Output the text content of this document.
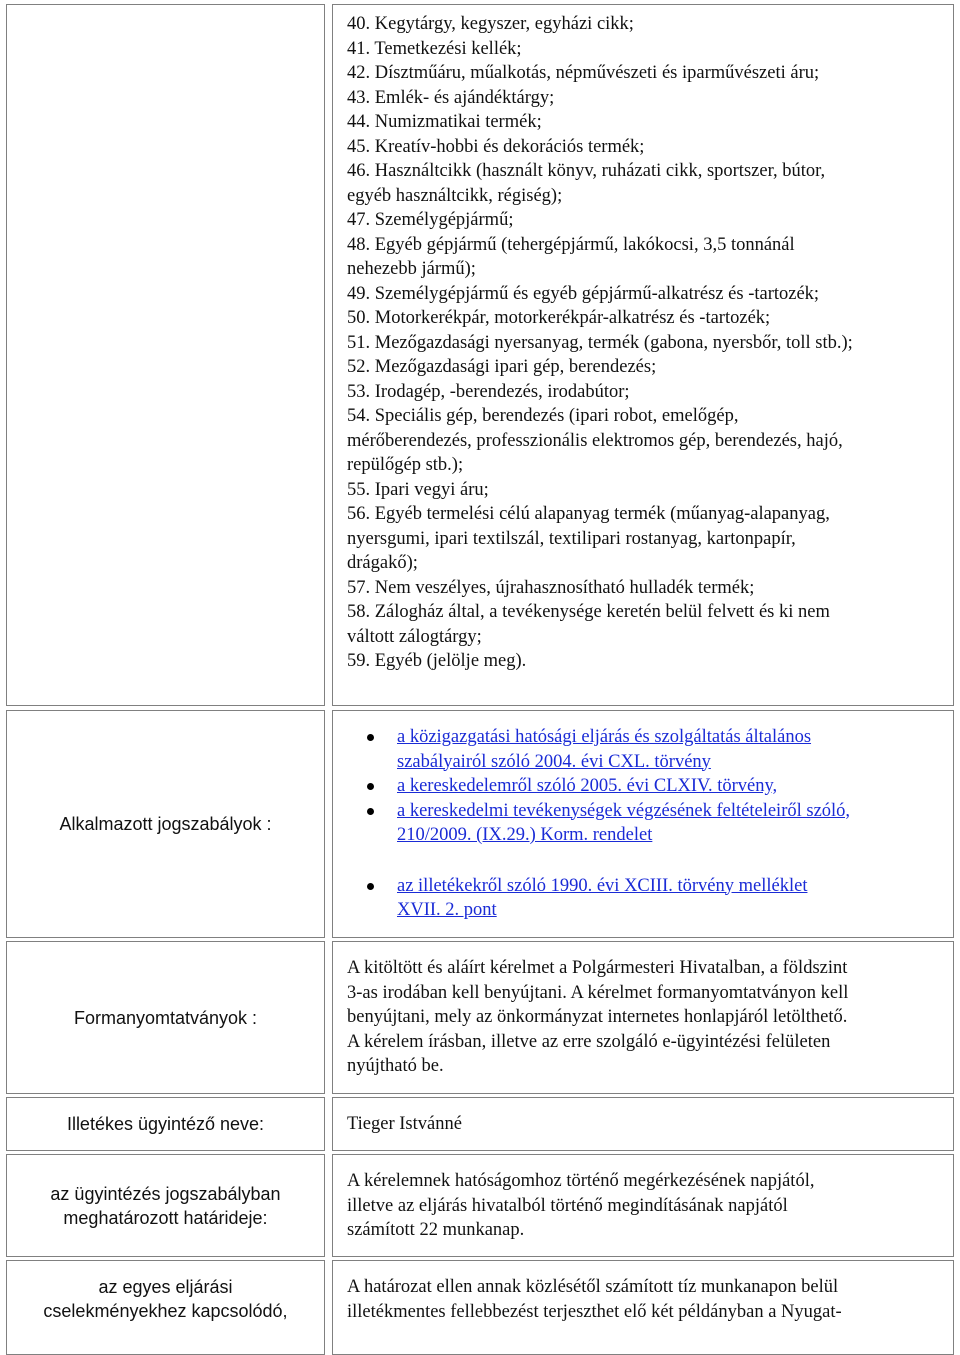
40. Kegytárgy, kegyszer, egyházi cikk;
41. Temetkezési kellék;
42. Dísztműáru, műalkotás, népművészeti és iparművészeti áru;
43. Emlék- és ajándéktárgy;
44. Numizmatikai termék;
45. Kreatív-hobbi és dekorációs termék;
46. Használtcikk (használt könyv, ruházati cikk, sportszer, bútor,
egyéb használtcikk, régiség);
47. Személygépjármű;
48. Egyéb gépjármű (tehergépjármű, lakókocsi, 3,5 tonnánál
nehezebb jármű);
49. Személygépjármű és egyéb gépjármű-alkatrész és -tartozék;
50. Motorkerékpár, motorkerékpár-alkatrész és -tartozék;
51. Mezőgazdasági nyersanyag, termék (gabona, nyersbőr, toll stb.);
52. Mezőgazdasági ipari gép, berendezés;
53. Irodagép, -berendezés, irodabútor;
54. Speciális gép, berendezés (ipari robot, emelőgép,
mérőberendezés, professzionális elektromos gép, berendezés, hajó,
repülőgép stb.);
55. Ipari vegyi áru;
56. Egyéb termelési célú alapanyag termék (műanyag-alapanyag,
nyersgumi, ipari textilszál, textilipari rostanyag, kartonpapír,
drágakő);
57. Nem veszélyes, újrahasznosítható hulladék termék;
58. Zálogház által, a tevékenysége keretén belül felvett és ki nem
váltott zálogtárgy;
59. Egyéb (jelölje meg).
Alkalmazott jogszabályok :
a közigazgatási hatósági eljárás és szolgáltatás általános
szabályairól szóló 2004. évi CXL. törvény
a kereskedelemről szóló 2005. évi CLXIV. törvény,
a kereskedelmi tevékenységek végzésének feltételeiről szóló,
210/2009. (IX.29.) Korm. rendelet
az illetékekről szóló 1990. évi XCIII. törvény melléklet
XVII. 2. pont
Formanyomtatványok :
A kitöltött és aláírt kérelmet a Polgármesteri Hivatalban, a földszint
3-as irodában kell benyújtani. A kérelmet formanyomtatványon kell
benyújtani, mely az önkormányzat internetes honlapjáról letölthető.
A kérelem írásban, illetve az erre szolgáló e-ügyintézési felületen
nyújtható be.
Illetékes ügyintéző neve:	Tieger Istvánné
az ügyintézés jogszabályban
meghatározott határideje:
A kérelemnek hatóságomhoz történő megérkezésének napjától,
illetve az eljárás hivatalból történő megindításának napjától
számított 22 munkanap.
az egyes eljárási
cselekményekhez kapcsolódó,
A határozat ellen annak közlésétől számított tíz munkanapon belül
illetékmentes fellebbezést terjeszthet elő két példányban a Nyugat-
